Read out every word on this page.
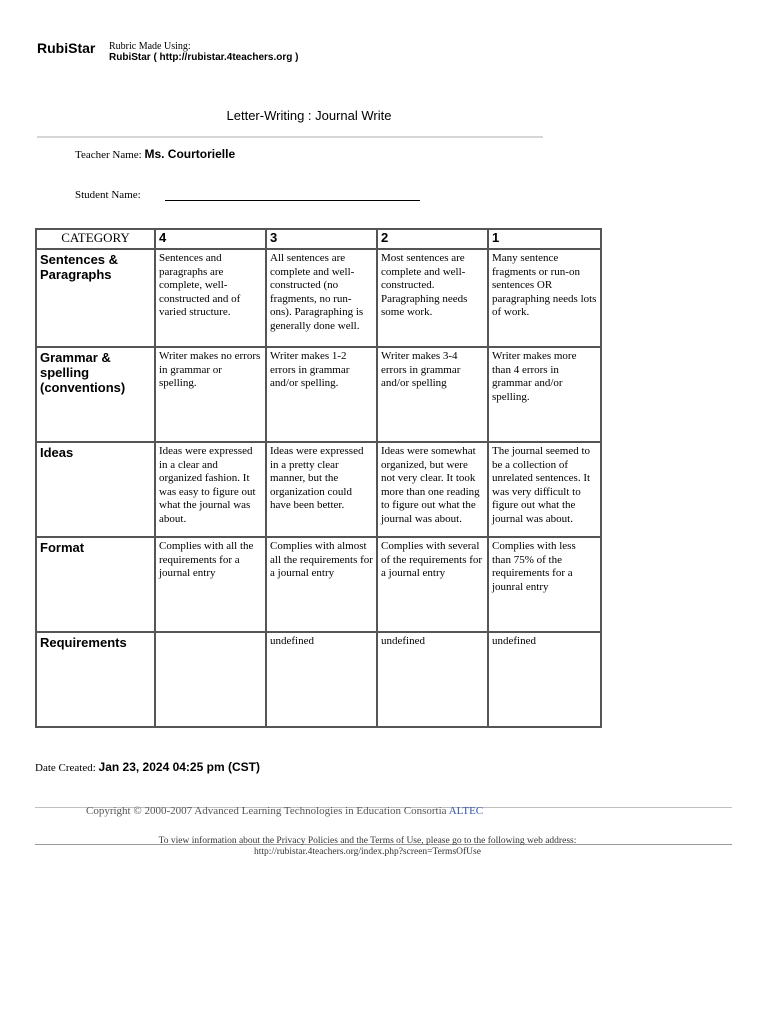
RubiStar Rubric Made Using:
RubiStar ( http://rubistar.4teachers.org )
Letter-Writing : Journal Write
Teacher Name: Ms. Courtorielle
Student Name:
CATEGORY	4	3	2	1
Sentences & Paragraphs	Sentences and paragraphs are complete, well-constructed and of varied structure.	All sentences are complete and well-constructed (no fragments, no run-ons). Paragraphing is generally done well.	Most sentences are complete and well-constructed. Paragraphing needs some work.	Many sentence fragments or run-on sentences OR paragraphing needs lots of work.
Grammar & spelling (conventions)	Writer makes no errors in grammar or spelling.	Writer makes 1-2 errors in grammar and/or spelling.	Writer makes 3-4 errors in grammar and/or spelling	Writer makes more than 4 errors in grammar and/or spelling.
Ideas	Ideas were expressed in a clear and organized fashion. It was easy to figure out what the journal was about.	Ideas were expressed in a pretty clear manner, but the organization could have been better.	Ideas were somewhat organized, but were not very clear. It took more than one reading to figure out what the journal was about.	The journal seemed to be a collection of unrelated sentences. It was very difficult to figure out what the journal was about.
Format	Complies with all the requirements for a journal entry	Complies with almost all the requirements for a journal entry	Complies with several of the requirements for a journal entry	Complies with less than 75% of the requirements for a jounral entry
Requirements		undefined	undefined	undefined
Date Created: Jan 23, 2024 04:25 pm (CST)
Copyright © 2000-2007 Advanced Learning Technologies in Education Consortia ALTEC
To view information about the Privacy Policies and the Terms of Use, please go to the following web address:
http://rubistar.4teachers.org/index.php?screen=TermsOfUse
